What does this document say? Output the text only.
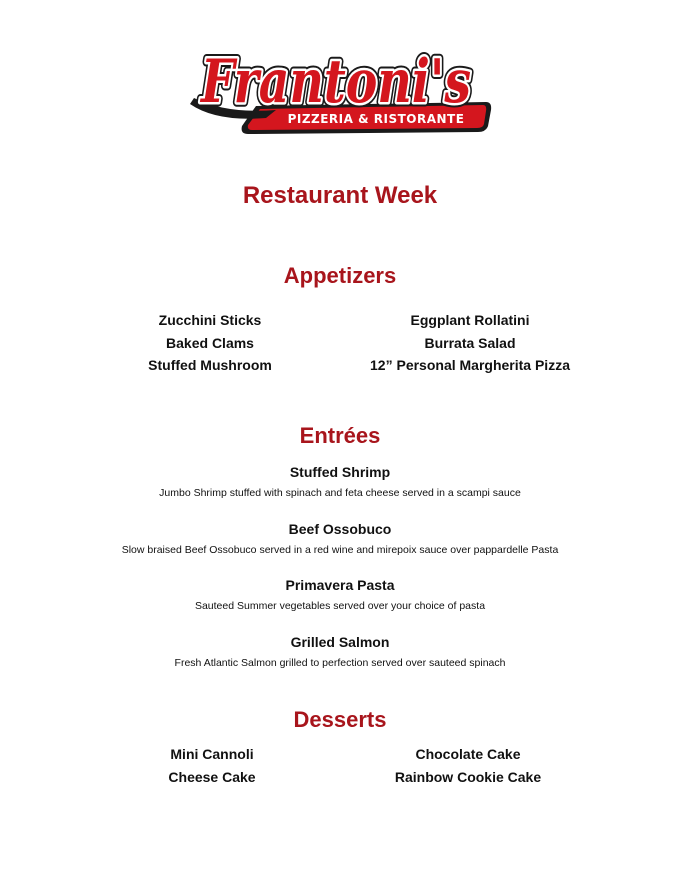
Frantoni's
Frantoni's
Frantoni's
PIZZERIA & RISTORANTE
Restaurant Week
Appetizers
Zucchini Sticks
Baked Clams
Stuffed Mushroom
Eggplant Rollatini
Burrata Salad
12” Personal Margherita Pizza
Entrées
Stuffed Shrimp
Jumbo Shrimp stuffed with spinach and feta cheese served in a scampi sauce
Beef Ossobuco
Slow braised Beef Ossobuco served in a red wine and mirepoix sauce over pappardelle Pasta
Primavera Pasta
Sauteed Summer vegetables served over your choice of pasta
Grilled Salmon
Fresh Atlantic Salmon grilled to perfection served over sauteed spinach
Desserts
Mini Cannoli
Cheese Cake
Chocolate Cake
Rainbow Cookie Cake
